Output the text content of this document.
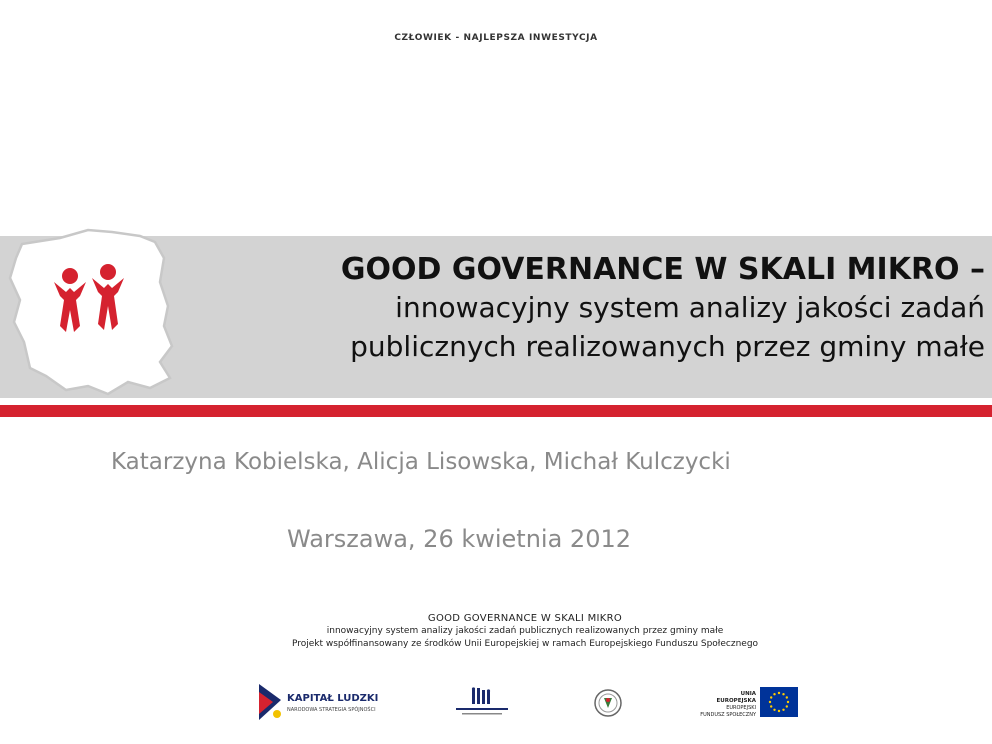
CZŁOWIEK - NAJLEPSZA INWESTYCJA
GOOD GOVERNANCE W SKALI MIKRO –
innowacyjny system analizy jakości zadań
publicznych realizowanych przez gminy małe
Katarzyna Kobielska, Alicja Lisowska, Michał Kulczycki
Warszawa, 26 kwietnia 2012
GOOD GOVERNANCE W SKALI MIKRO
innowacyjny system analizy jakości zadań publicznych realizowanych przez gminy małe
Projekt współfinansowany ze środków Unii Europejskiej w ramach Europejskiego Funduszu Społecznego
KAPITAŁ LUDZKI
NARODOWA STRATEGIA SPÓJNOŚCI
UNIA EUROPEJSKA
EUROPEJSKI
FUNDUSZ SPOŁECZNY
